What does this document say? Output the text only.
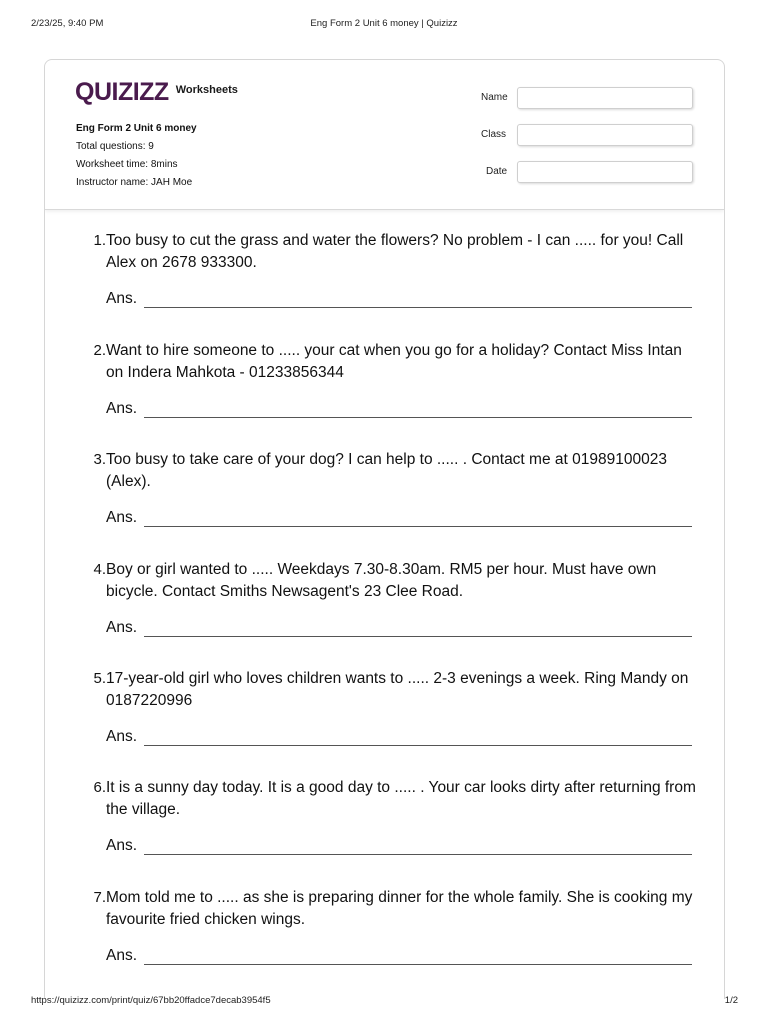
2/23/25, 9:40 PM	Eng Form 2 Unit 6 money | Quizizz
QUIZIZZ Worksheets
Eng Form 2 Unit 6 money
Total questions: 9
Worksheet time: 8mins
Instructor name: JAH Moe
Name
Class
Date
1. Too busy to cut the grass and water the flowers? No problem - I can ..... for you! Call Alex on 2678 933300.
Ans.
2. Want to hire someone to ..... your cat when you go for a holiday? Contact Miss Intan on Indera Mahkota - 01233856344
Ans.
3. Too busy to take care of your dog? I can help to ..... . Contact me at 01989100023 (Alex).
Ans.
4. Boy or girl wanted to ..... Weekdays 7.30-8.30am. RM5 per hour. Must have own bicycle. Contact Smiths Newsagent's 23 Clee Road.
Ans.
5. 17-year-old girl who loves children wants to ..... 2-3 evenings a week. Ring Mandy on 0187220996
Ans.
6. It is a sunny day today. It is a good day to ..... . Your car looks dirty after returning from the village.
Ans.
7. Mom told me to ..... as she is preparing dinner for the whole family. She is cooking my favourite fried chicken wings.
Ans.
https://quizizz.com/print/quiz/67bb20ffadce7decab3954f5	1/2
